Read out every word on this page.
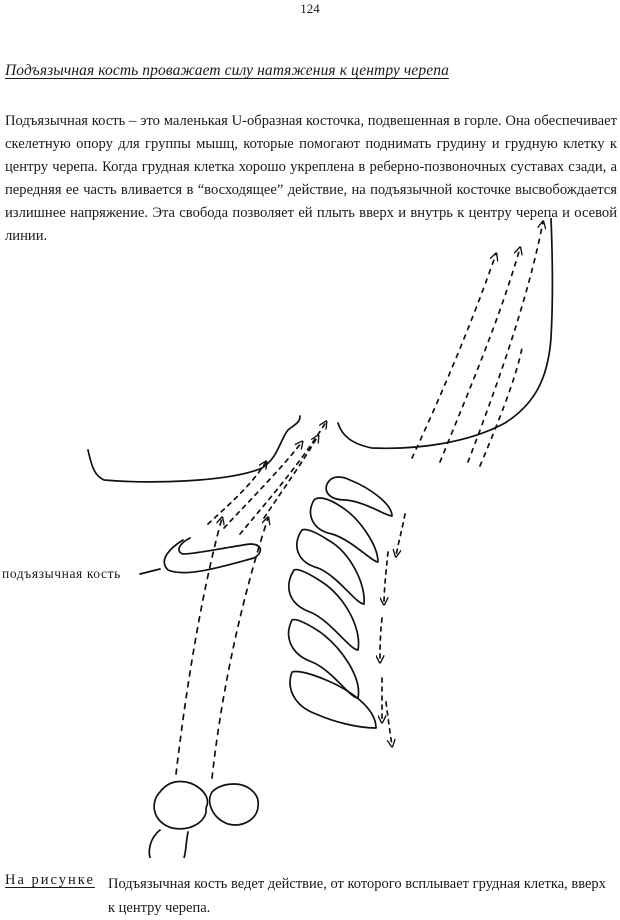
124
Подъязычная кость проважает силу натяжения к центру черепа

Подъязычная кость – это маленькая U-образная косточка, подвешенная в горле. Она обеспечивает скелетную опору для группы мышц, которые помогают поднимать грудину и грудную клетку к центру черепа. Когда грудная клетка хорошо укреплена в реберно-позвоночных суставах сзади, а передняя ее часть вливается в “восходящее” действие, на подъязычной косточке высвобождается излишнее напряжение. Эта свобода позволяет ей плыть вверх и внутрь к центру черепа и осевой линии.

подъязычная кость
На рисунке Подъязычная кость ведет действие, от которого всплывает грудная клетка, вверх к центру черепа.
